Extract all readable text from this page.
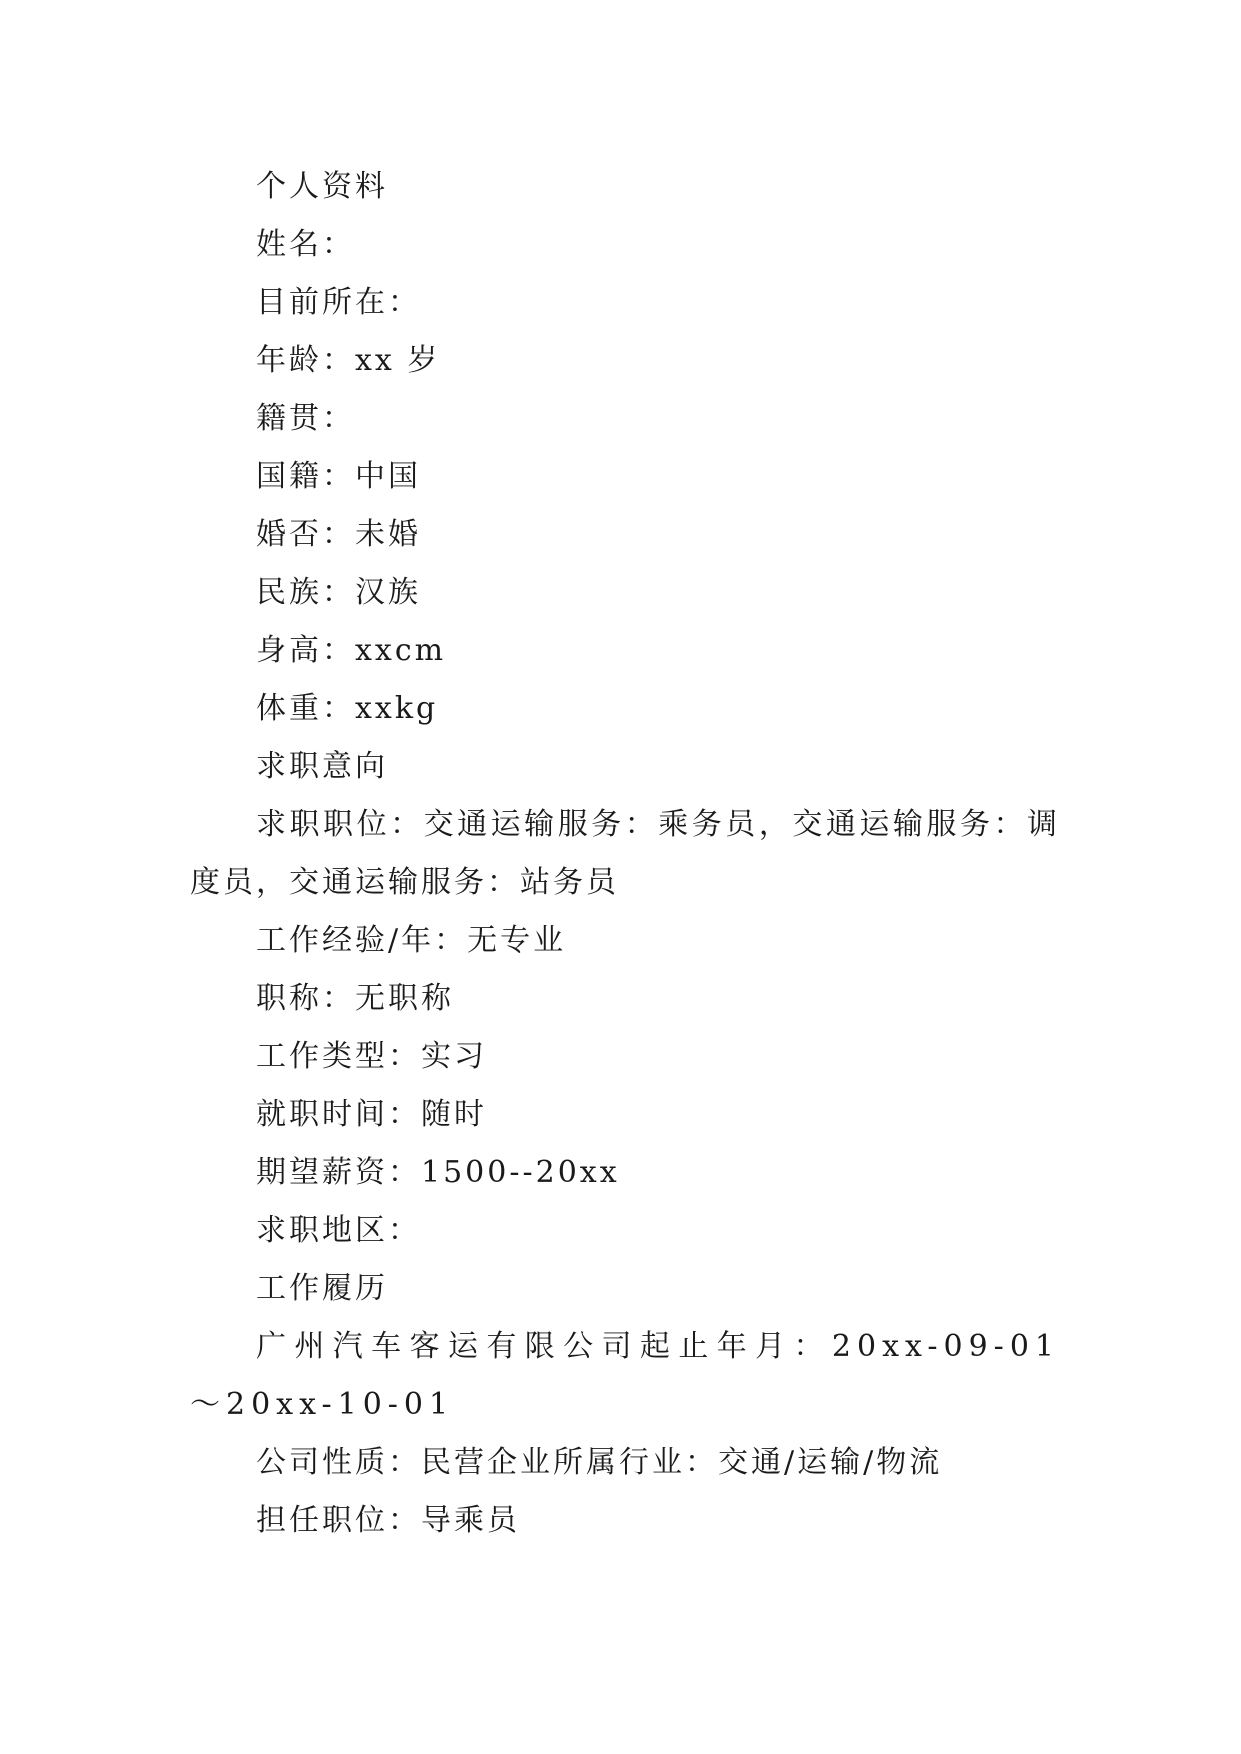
个人资料

姓名：

目前所在：

年龄：xx 岁

籍贯：

国籍：中国

婚否：未婚

民族：汉族

身高：xxcm

体重：xxkg

求职意向

求职职位：交通运输服务：乘务员，交通运输服务：调度员，交通运输服务：站务员

工作经验/年：无专业

职称：无职称

工作类型：实习

就职时间：随时

期望薪资：1500--20xx

求职地区：

工作履历

广州汽车客运有限公司起止年月：20xx-09-01～20xx-10-01

公司性质：民营企业所属行业：交通/运输/物流

担任职位：导乘员
